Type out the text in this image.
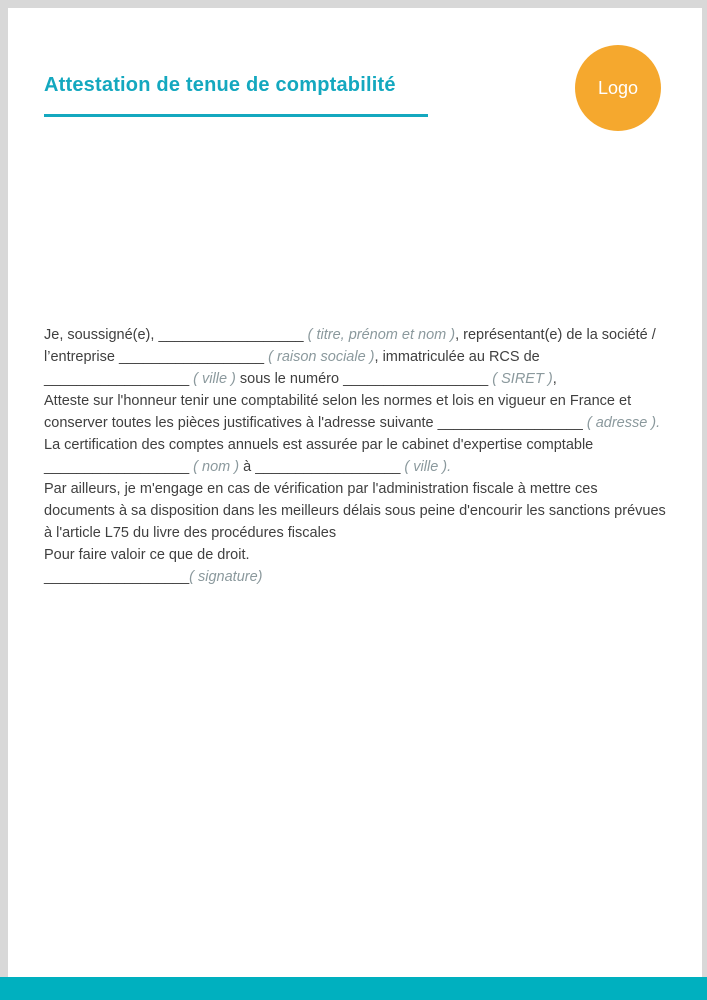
Attestation de tenue de comptabilité	Logo

Je, soussigné(e), __________________ ( titre, prénom et nom ), représentant(e) de la société / l’entreprise __________________ ( raison sociale ), immatriculée au RCS de __________________ ( ville ) sous le numéro __________________ ( SIRET ),

Atteste sur l'honneur tenir une comptabilité selon les normes et lois en vigueur en France et conserver toutes les pièces justificatives à l'adresse suivante __________________ ( adresse ).

La certification des comptes annuels est assurée par le cabinet d'expertise comptable __________________ ( nom ) à __________________ ( ville ).

Par ailleurs, je m'engage en cas de vérification par l'administration fiscale à mettre ces documents à sa disposition dans les meilleurs délais sous peine d'encourir les sanctions prévues à l'article L75 du livre des procédures fiscales

Pour faire valoir ce que de droit.

__________________( signature)
